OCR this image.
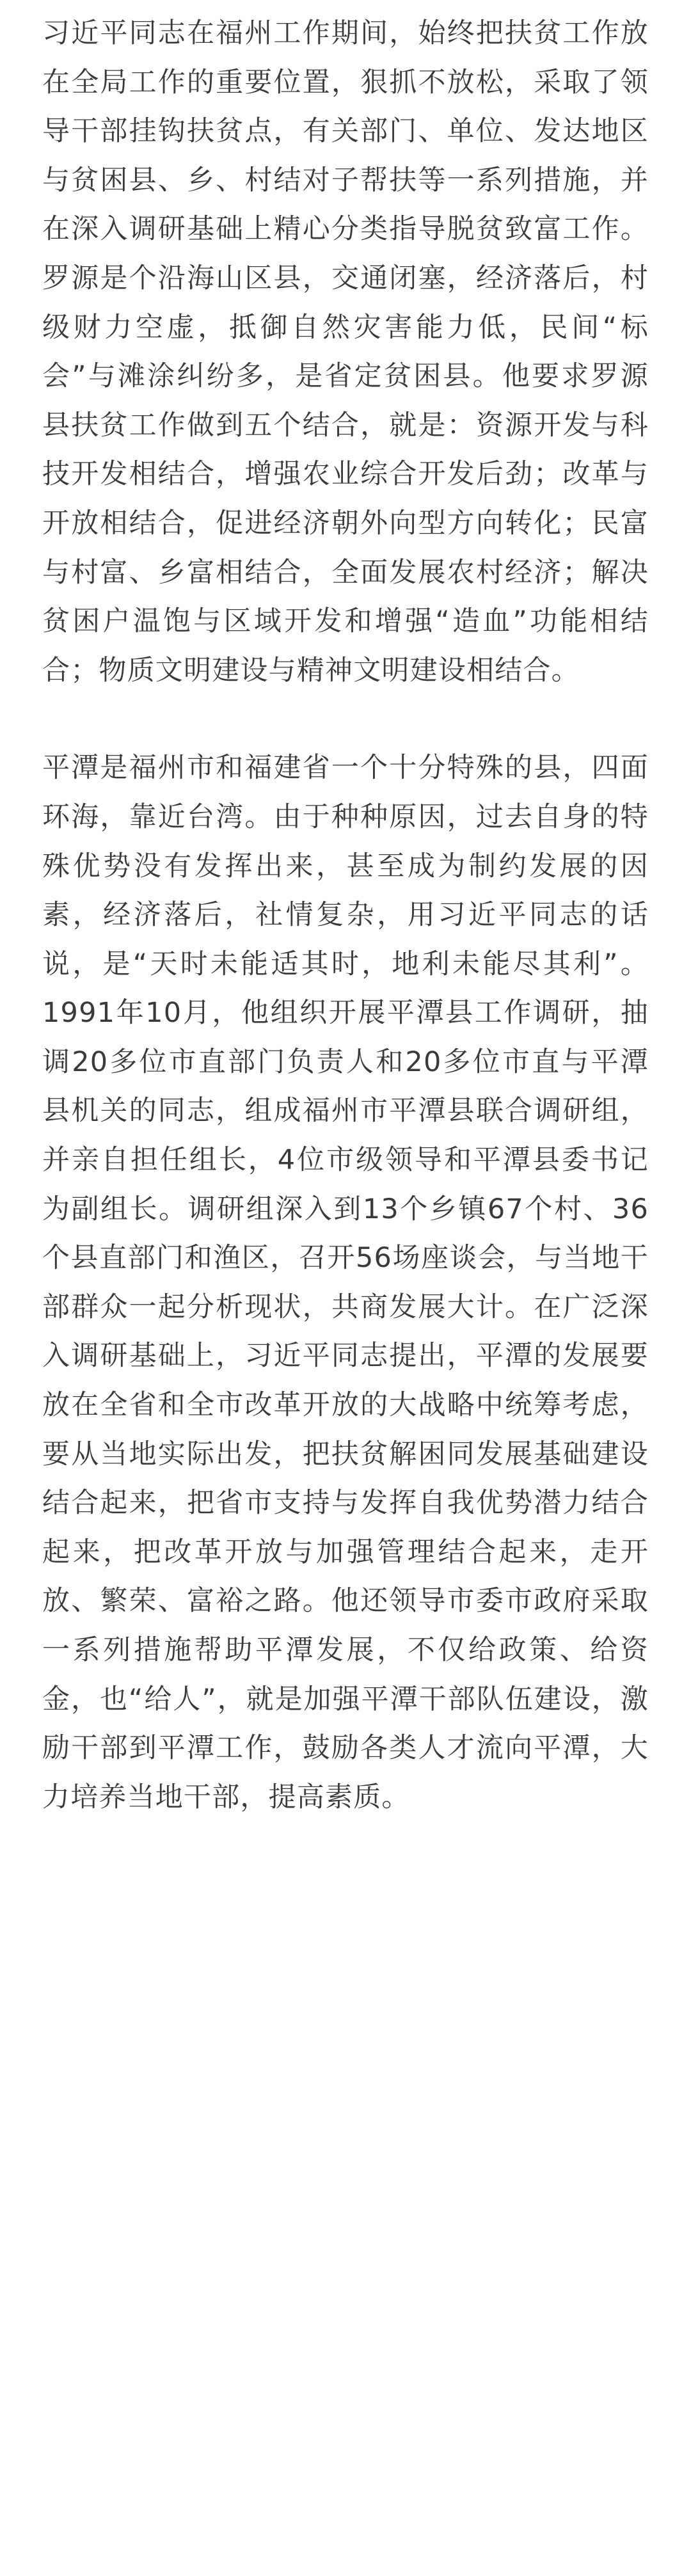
习近平同志在福州工作期间，始终把扶贫工作放在全局工作的重要位置，狠抓不放松，采取了领导干部挂钩扶贫点，有关部门、单位、发达地区与贫困县、乡、村结对子帮扶等一系列措施，并在深入调研基础上精心分类指导脱贫致富工作。罗源是个沿海山区县，交通闭塞，经济落后，村级财力空虚，抵御自然灾害能力低，民间“标会”与滩涂纠纷多，是省定贫困县。他要求罗源县扶贫工作做到五个结合，就是：资源开发与科技开发相结合，增强农业综合开发后劲；改革与开放相结合，促进经济朝外向型方向转化；民富与村富、乡富相结合，全面发展农村经济；解决贫困户温饱与区域开发和增强“造血”功能相结合；物质文明建设与精神文明建设相结合。

平潭是福州市和福建省一个十分特殊的县，四面环海，靠近台湾。由于种种原因，过去自身的特殊优势没有发挥出来，甚至成为制约发展的因素，经济落后，社情复杂，用习近平同志的话说，是“天时未能适其时，地利未能尽其利”。1991年10月，他组织开展平潭县工作调研，抽调20多位市直部门负责人和20多位市直与平潭县机关的同志，组成福州市平潭县联合调研组，并亲自担任组长，4位市级领导和平潭县委书记为副组长。调研组深入到13个乡镇67个村、36个县直部门和渔区，召开56场座谈会，与当地干部群众一起分析现状，共商发展大计。在广泛深入调研基础上，习近平同志提出，平潭的发展要放在全省和全市改革开放的大战略中统筹考虑，要从当地实际出发，把扶贫解困同发展基础建设结合起来，把省市支持与发挥自我优势潜力结合起来，把改革开放与加强管理结合起来，走开放、繁荣、富裕之路。他还领导市委市政府采取一系列措施帮助平潭发展，不仅给政策、给资金，也“给人”，就是加强平潭干部队伍建设，激励干部到平潭工作，鼓励各类人才流向平潭，大力培养当地干部，提高素质。
